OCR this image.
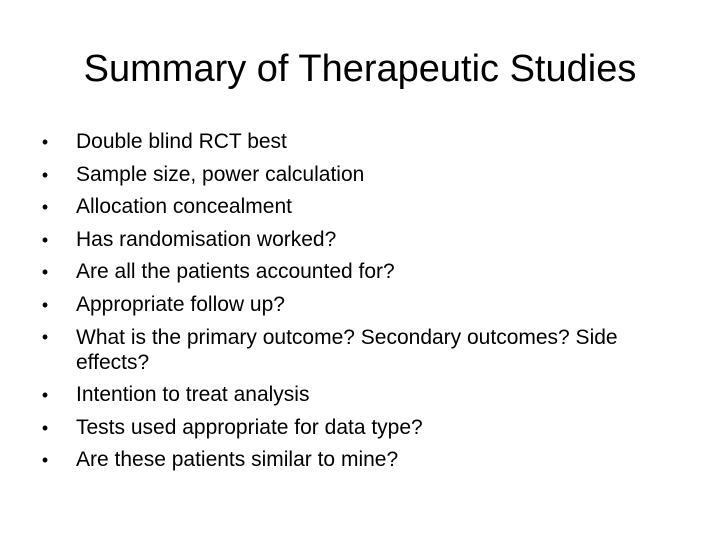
Summary of Therapeutic Studies
• Double blind RCT best
• Sample size, power calculation
• Allocation concealment
• Has randomisation worked?
• Are all the patients accounted for?
• Appropriate follow up?
• What is the primary outcome? Secondary outcomes? Side effects?
• Intention to treat analysis
• Tests used appropriate for data type?
• Are these patients similar to mine?
